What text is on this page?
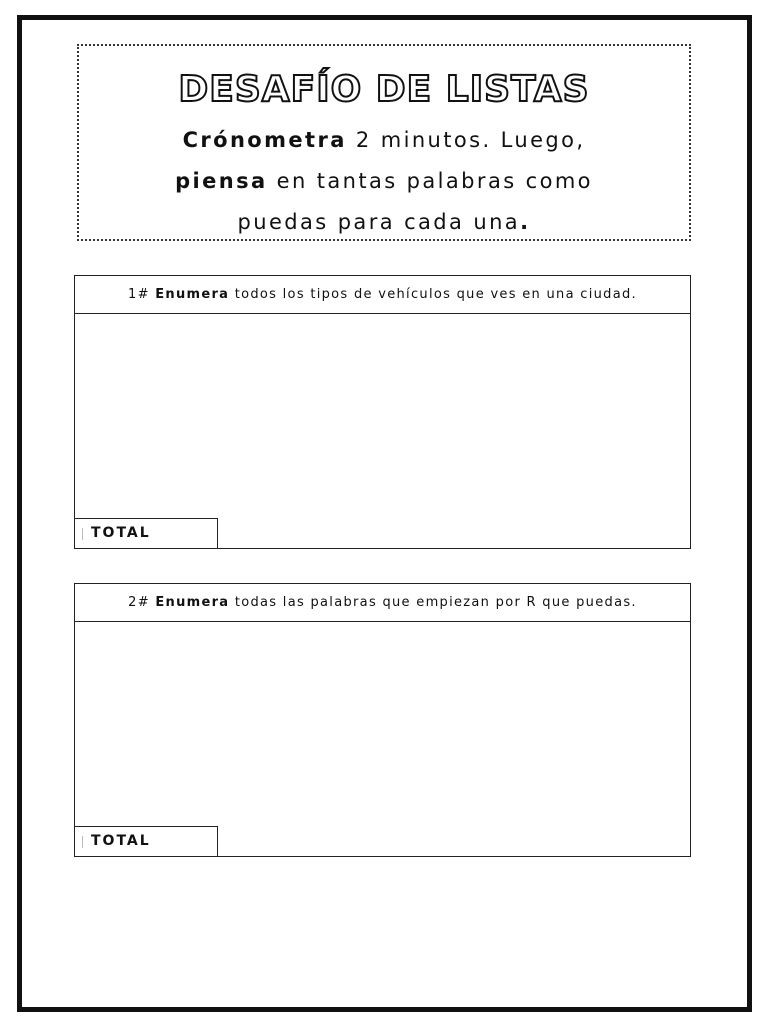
DESAFÍO DE LISTAS
Crónometra 2 minutos. Luego,
piensa en tantas palabras como
puedas para cada una.
1# Enumera todos los tipos de vehículos que ves en una ciudad.
TOTAL
2# Enumera todas las palabras que empiezan por R que puedas.
TOTAL
